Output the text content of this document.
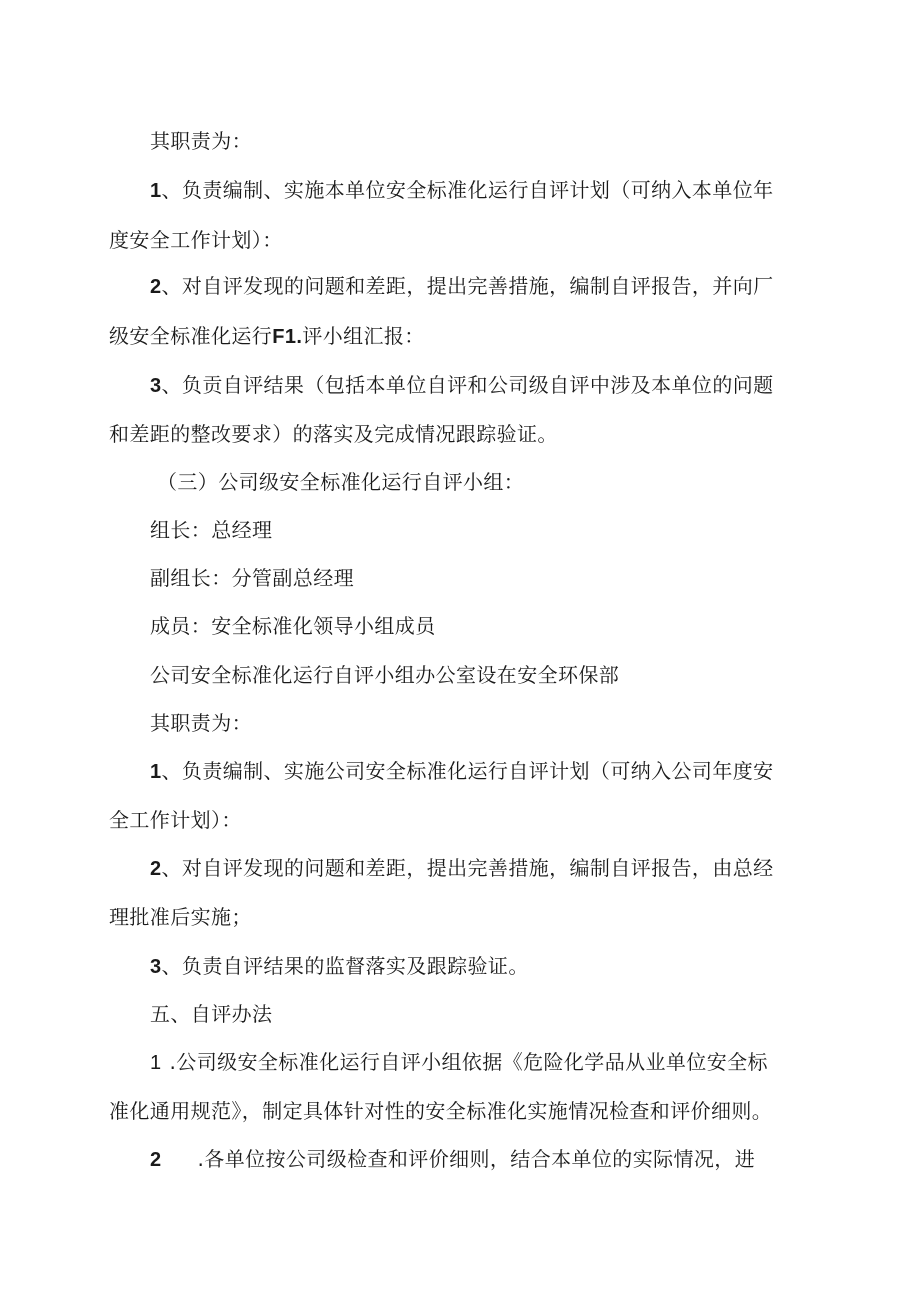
其职责为：
1、负责编制、实施本单位安全标准化运行自评计划（可纳入本单位年
度安全工作计划）：
2、对自评发现的问题和差距，提出完善措施，编制自评报告，并向厂
级安全标准化运行F1.评小组汇报：
3、负贡自评结果（包括本单位自评和公司级自评中涉及本单位的问题
和差距的整改要求）的落实及完成情况跟踪验证。
（三）公司级安全标准化运行自评小组：
组长：总经理
副组长：分管副总经理
成员：安全标准化领导小组成员
公司安全标准化运行自评小组办公室设在安全环保部
其职责为：
1、负责编制、实施公司安全标准化运行自评计划（可纳入公司年度安
全工作计划）：
2、对自评发现的问题和差距，提出完善措施，编制自评报告，由总经
理批准后实施；
3、负责自评结果的监督落实及跟踪验证。
五、自评办法
1 .公司级安全标准化运行自评小组依据《危险化学品从业单位安全标
准化通用规范》，制定具体针对性的安全标准化实施情况检查和评价细则。
2 .各单位按公司级检查和评价细则，结合本单位的实际情况，进
